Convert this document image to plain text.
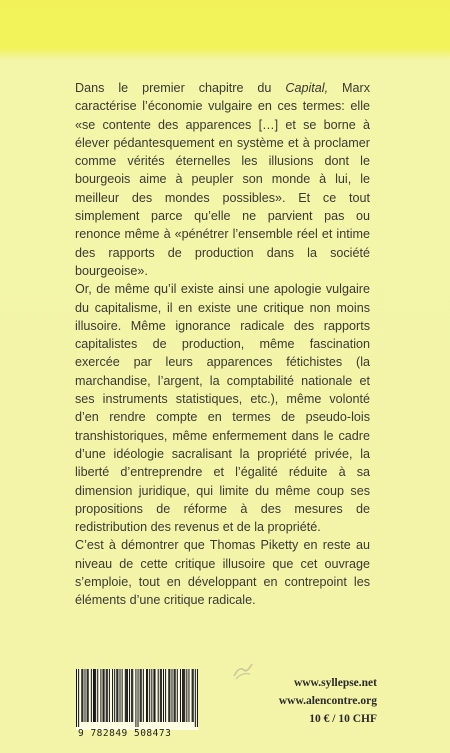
Dans le premier chapitre du Capital, Marx caractérise l’économie vulgaire en ces termes: elle «se contente des apparences […] et se borne à élever pédantesquement en système et à proclamer comme vérités éternelles les illusions dont le bourgeois aime à peupler son monde à lui, le meilleur des mondes possibles». Et ce tout simplement parce qu’elle ne parvient pas ou renonce même à «pénétrer l’ensemble réel et intime des rapports de production dans la société bourgeoise».

Or, de même qu’il existe ainsi une apologie vulgaire du capitalisme, il en existe une critique non moins illusoire. Même ignorance radicale des rapports capitalistes de production, même fascination exercée par leurs apparences fétichistes (la marchandise, l’argent, la comptabilité nationale et ses instruments statistiques, etc.), même volonté d’en rendre compte en termes de pseudo-lois transhistoriques, même enfermement dans le cadre d’une idéologie sacralisant la propriété privée, la liberté d’entreprendre et l’égalité réduite à sa dimension juridique, qui limite du même coup ses propositions de réforme à des mesures de redistribution des revenus et de la propriété.

C’est à démontrer que Thomas Piketty en reste au niveau de cette critique illusoire que cet ouvrage s’emploie, tout en développant en contrepoint les éléments d’une critique radicale.

9 782849 508473
www.syllepse.net
www.alencontre.org
10 € / 10 CHF
